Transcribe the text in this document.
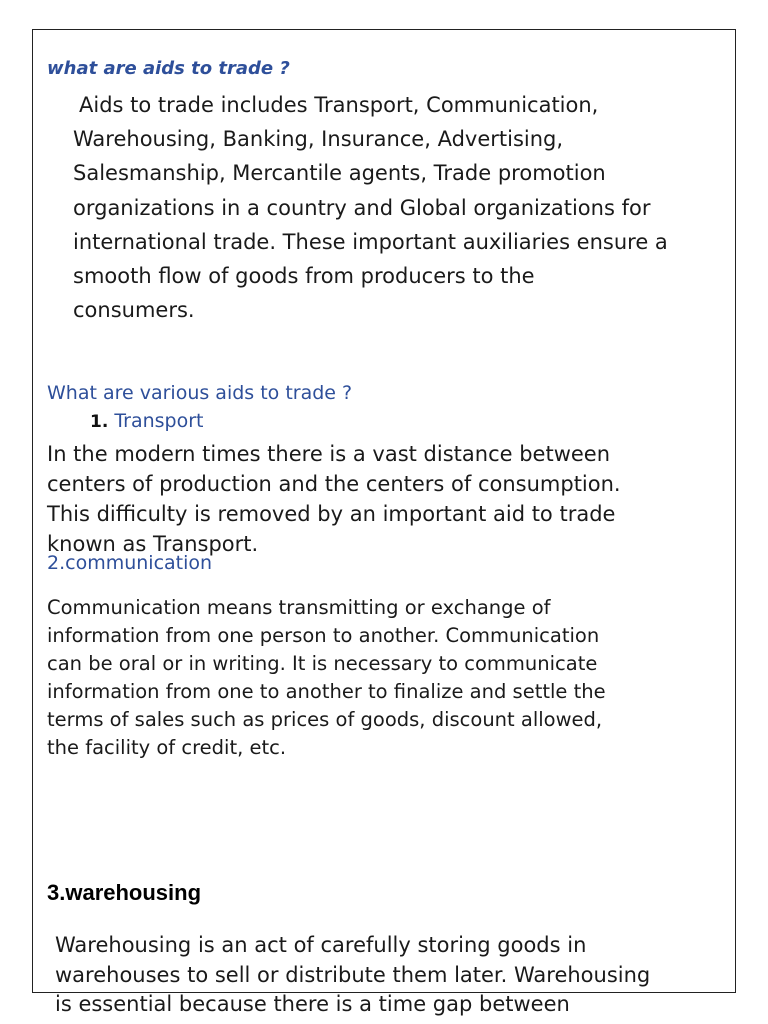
what are aids to trade ?

Aids to trade includes Transport, Communication,
Warehousing, Banking, Insurance, Advertising,
Salesmanship, Mercantile agents, Trade promotion
organizations in a country and Global organizations for
international trade. These important auxiliaries ensure a
smooth flow of goods from producers to the
consumers.

What are various aids to trade ?

1. Transport

In the modern times there is a vast distance between
centers of production and the centers of consumption.
This difficulty is removed by an important aid to trade
known as Transport.

2.communication

Communication means transmitting or exchange of
information from one person to another. Communication
can be oral or in writing. It is necessary to communicate
information from one to another to finalize and settle the
terms of sales such as prices of goods, discount allowed,
the facility of credit, etc.

3.warehousing

Warehousing is an act of carefully storing goods in
warehouses to sell or distribute them later. Warehousing
is essential because there is a time gap between
